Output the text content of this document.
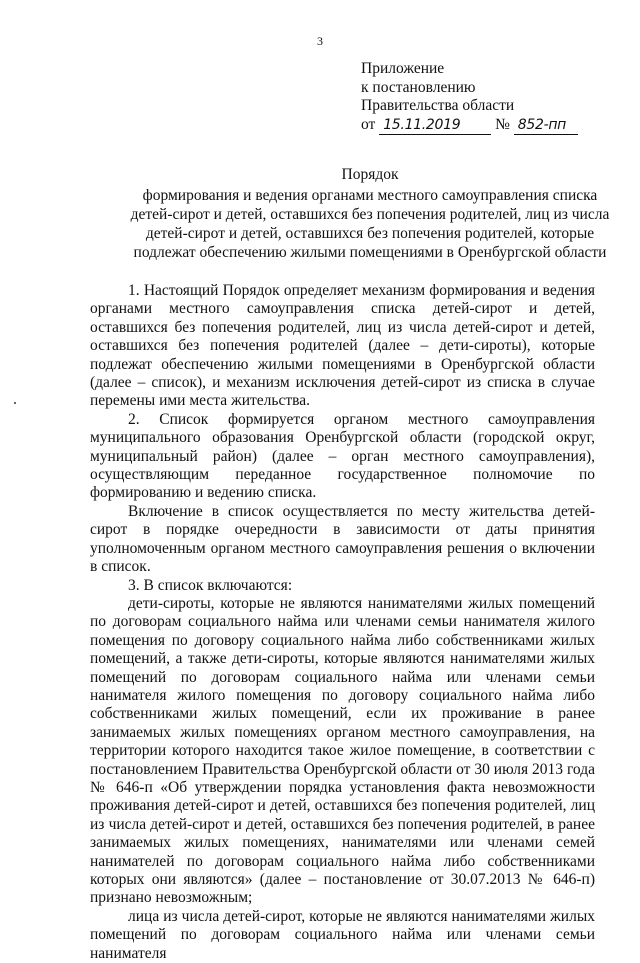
3
Приложение
к постановлению
Правительства области
от 15.11.2019 № 852-пп
Порядок
формирования и ведения органами местного самоуправления списка детей-сирот и детей, оставшихся без попечения родителей, лиц из числа детей-сирот и детей, оставшихся без попечения родителей, которые подлежат обеспечению жилыми помещениями в Оренбургской области

1. Настоящий Порядок определяет механизм формирования и ведения органами местного самоуправления списка детей-сирот и детей, оставшихся без попечения родителей, лиц из числа детей-сирот и детей, оставшихся без попечения родителей (далее – дети-сироты), которые подлежат обеспечению жилыми помещениями в Оренбургской области (далее – список), и механизм исключения детей-сирот из списка в случае перемены ими места жительства.

2. Список формируется органом местного самоуправления муниципального образования Оренбургской области (городской округ, муниципальный район) (далее – орган местного самоуправления), осуществляющим переданное государственное полномочие по формированию и ведению списка.

Включение в список осуществляется по месту жительства детей-сирот в порядке очередности в зависимости от даты принятия уполномоченным органом местного самоуправления решения о включении в список.

3. В список включаются:

дети-сироты, которые не являются нанимателями жилых помещений по договорам социального найма или членами семьи нанимателя жилого помещения по договору социального найма либо собственниками жилых помещений, а также дети-сироты, которые являются нанимателями жилых помещений по договорам социального найма или членами семьи нанимателя жилого помещения по договору социального найма либо собственниками жилых помещений, если их проживание в ранее занимаемых жилых помещениях органом местного самоуправления, на территории которого находится такое жилое помещение, в соответствии с постановлением Правительства Оренбургской области от 30 июля 2013 года № 646-п «Об утверждении порядка установления факта невозможности проживания детей-сирот и детей, оставшихся без попечения родителей, лиц из числа детей-сирот и детей, оставшихся без попечения родителей, в ранее занимаемых жилых помещениях, нанимателями или членами семей нанимателей по договорам социального найма либо собственниками которых они являются» (далее – постановление от 30.07.2013 № 646-п) признано невозможным;

лица из числа детей-сирот, которые не являются нанимателями жилых помещений по договорам социального найма или членами семьи нанимателя
